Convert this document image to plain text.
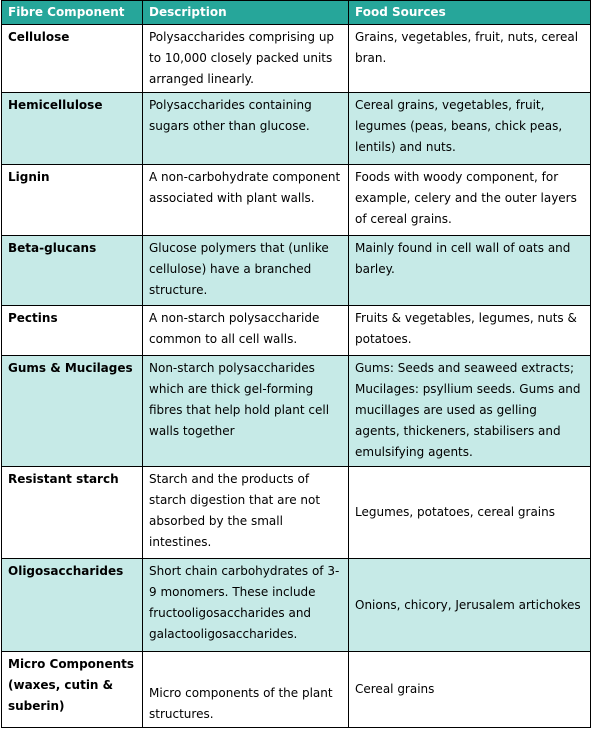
Fibre Component	Description	Food Sources
Cellulose	Polysaccharides comprising up to 10,000 closely packed units arranged linearly.	Grains, vegetables, fruit, nuts, cereal bran.
Hemicellulose	Polysaccharides containing sugars other than glucose.	Cereal grains, vegetables, fruit, legumes (peas, beans, chick peas, lentils) and nuts.
Lignin	A non-carbohydrate component associated with plant walls.	Foods with woody component, for example, celery and the outer layers of cereal grains.
Beta-glucans	Glucose polymers that (unlike cellulose) have a branched structure.	Mainly found in cell wall of oats and barley.
Pectins	A non-starch polysaccharide common to all cell walls.	Fruits & vegetables, legumes, nuts & potatoes.
Gums & Mucilages	Non-starch polysaccharides which are thick gel-forming fibres that help hold plant cell walls together	Gums: Seeds and seaweed extracts; Mucilages: psyllium seeds. Gums and mucillages are used as gelling agents, thickeners, stabilisers and emulsifying agents.
Resistant starch	Starch and the products of starch digestion that are not absorbed by the small intestines.	Legumes, potatoes, cereal grains
Oligosaccharides	Short chain carbohydrates of 3-9 monomers. These include fructooligosaccharides and galactooligosaccharides.	Onions, chicory, Jerusalem artichokes
Micro Components (waxes, cutin & suberin)	Micro components of the plant structures.	Cereal grains
